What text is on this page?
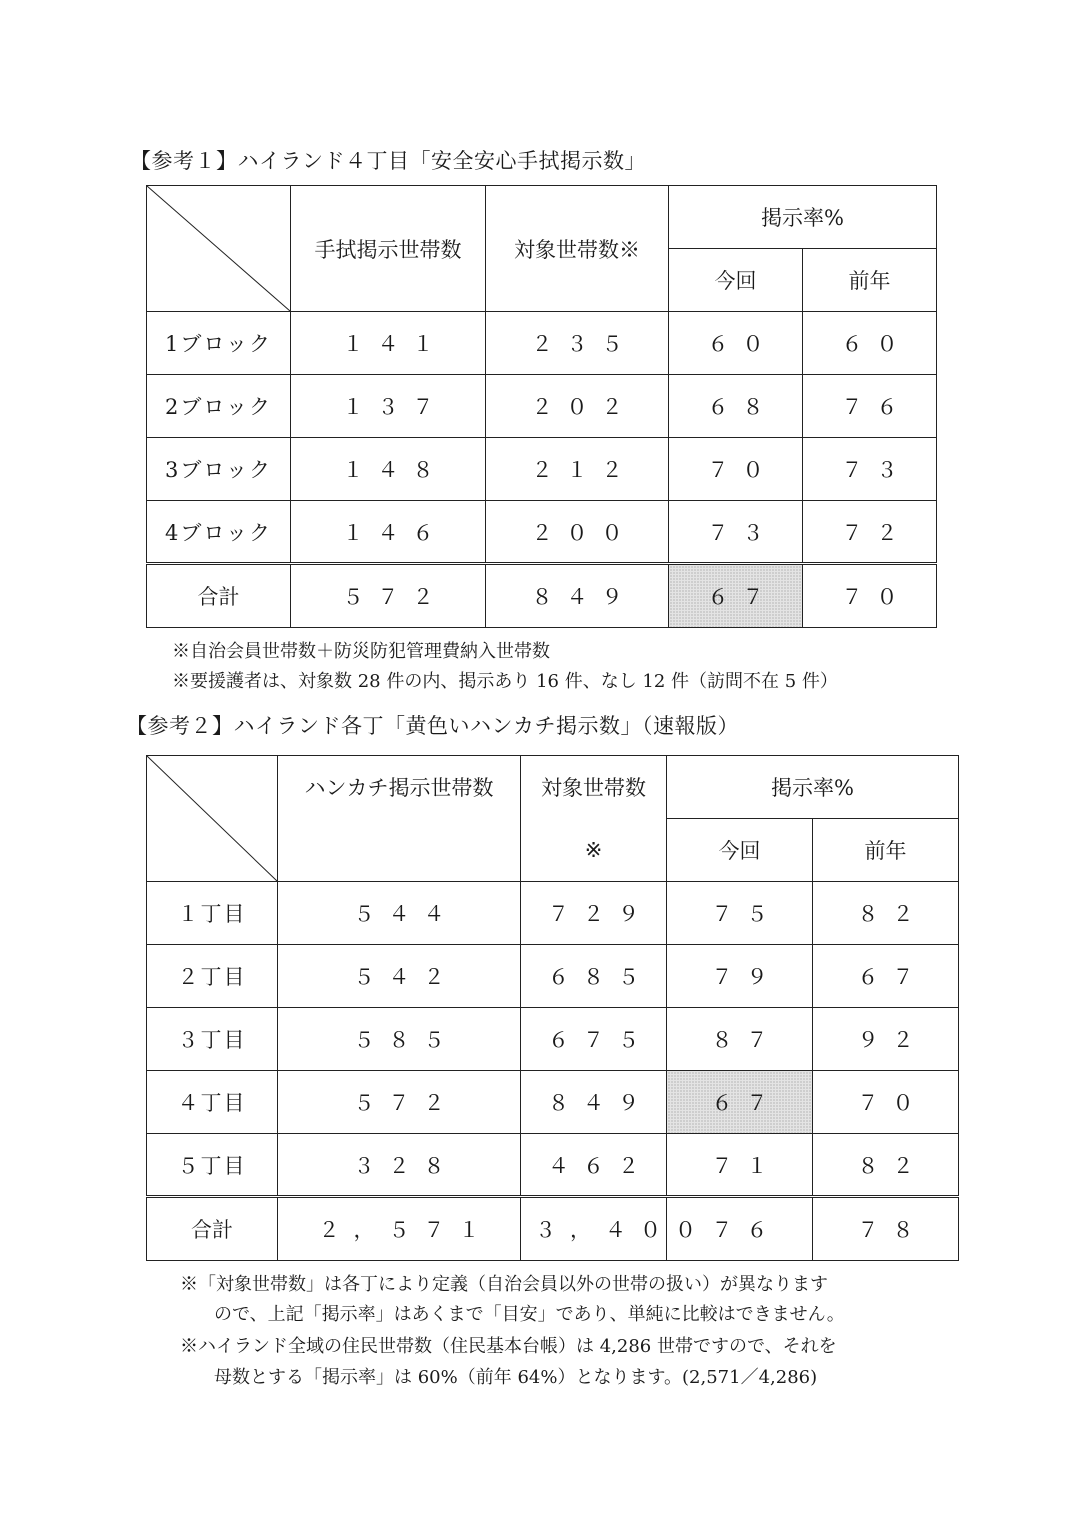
【参考１】ハイランド４丁目「安全安心手拭掲示数」
	手拭掲示世帯数	対象世帯数※	掲示率%	
			今回	前年
1ブロック	１４１	２３５	６０	６０
2ブロック	１３７	２０２	６８	７６
3ブロック	１４８	２１２	７０	７３
4ブロック	１４６	２００	７３	７２
合計	５７２	８４９	６７	７０
※自治会員世帯数＋防災防犯管理費納入世帯数
※要援護者は、対象数 28 件の内、掲示あり 16 件、なし 12 件（訪問不在 5 件）
【参考２】ハイランド各丁「黄色いハンカチ掲示数」（速報版）
	ハンカチ掲示世帯数	対象世帯数	掲示率%	
		※	今回	前年
１丁目	５４４	７２９	７５	８２
２丁目	５４２	６８５	７９	６７
３丁目	５８５	６７５	８７	９２
４丁目	５７２	８４９	６７	７０
５丁目	３２８	４６２	７１	８２
合計	２，５７１	３，４００	７６	７８
※「対象世帯数」は各丁により定義（自治会員以外の世帯の扱い）が異なります
ので、上記「掲示率」はあくまで「目安」であり、単純に比較はできません。
※ハイランド全域の住民世帯数（住民基本台帳）は 4,286 世帯ですので、それを
母数とする「掲示率」は 60%（前年 64%）となります。(2,571／4,286)
